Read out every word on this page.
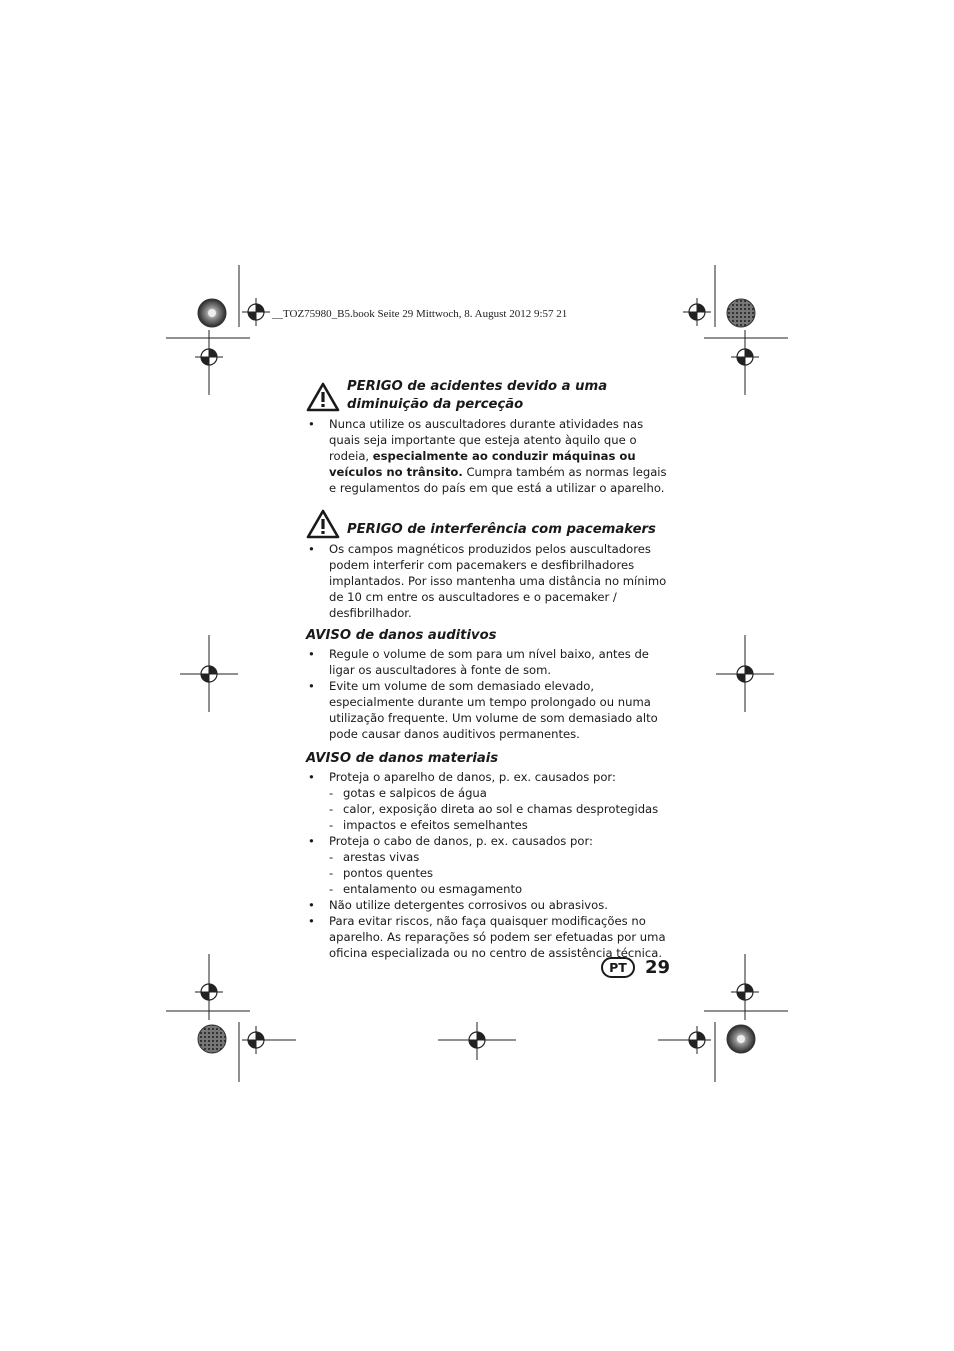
__TOZ75980_B5.book Seite 29 Mittwoch, 8. August 2012 9:57 21
PERIGO de acidentes devido a uma
diminuição da perceção
• Nunca utilize os auscultadores durante atividades nas quais seja importante que esteja atento àquilo que o rodeia, especialmente ao conduzir máquinas ou veículos no trânsito. Cumpra também as normas legais e regulamentos do país em que está a utilizar o aparelho.
PERIGO de interferência com pacemakers
• Os campos magnéticos produzidos pelos auscultadores podem interferir com pacemakers e desfibrilhadores implantados. Por isso mantenha uma distância no mínimo de 10 cm entre os auscultadores e o pacemaker / desfibrilhador.
AVISO de danos auditivos
• Regule o volume de som para um nível baixo, antes de ligar os auscultadores à fonte de som.
• Evite um volume de som demasiado elevado, especialmente durante um tempo prolongado ou numa utilização frequente. Um volume de som demasiado alto pode causar danos auditivos permanentes.
AVISO de danos materiais
• Proteja o aparelho de danos, p. ex. causados por:
- gotas e salpicos de água
- calor, exposição direta ao sol e chamas desprotegidas
- impactos e efeitos semelhantes
• Proteja o cabo de danos, p. ex. causados por:
- arestas vivas
- pontos quentes
- entalamento ou esmagamento
• Não utilize detergentes corrosivos ou abrasivos.
• Para evitar riscos, não faça quaisquer modificações no aparelho. As reparações só podem ser efetuadas por uma oficina especializada ou no centro de assistência técnica.
PT	29
